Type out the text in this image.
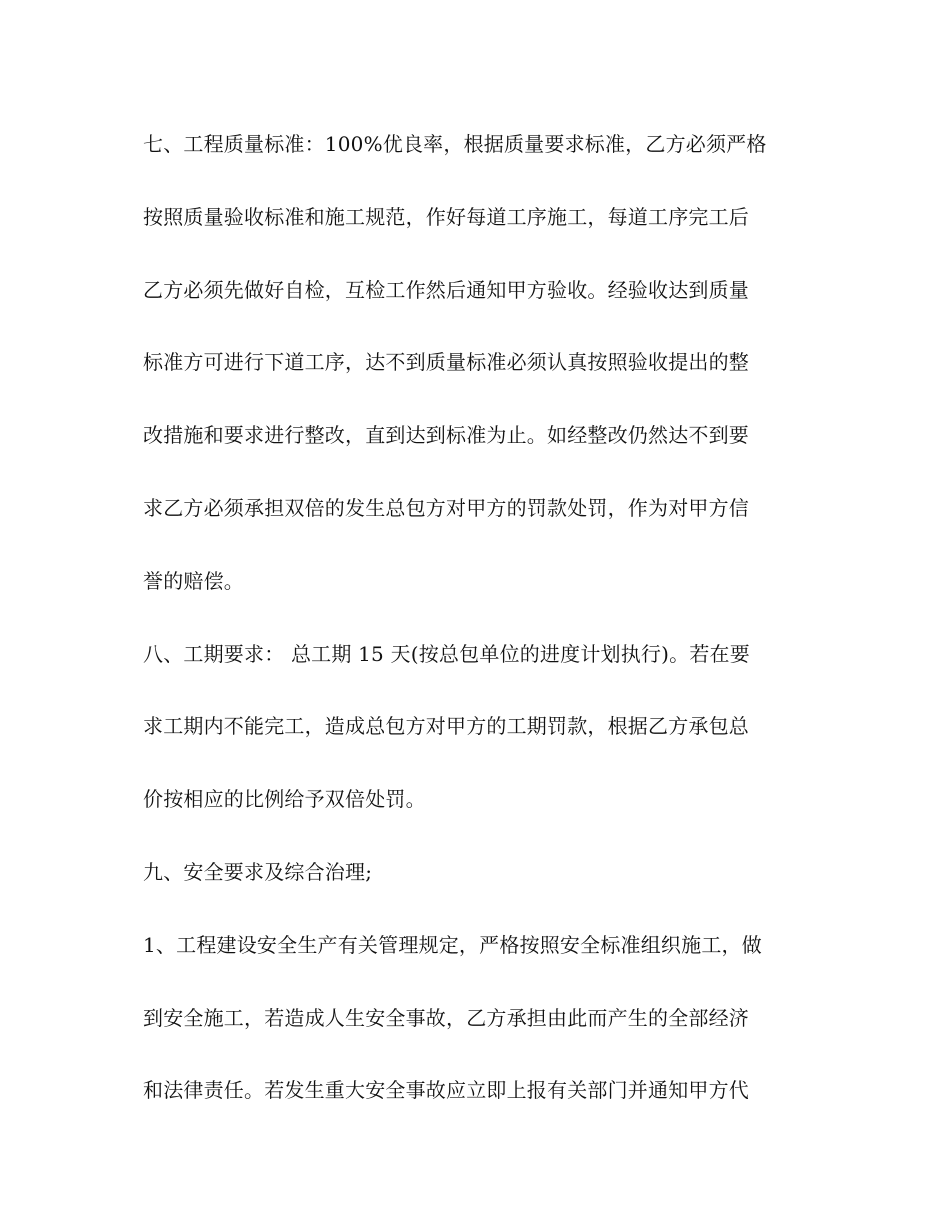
七、工程质量标准：100%优良率，根据质量要求标准，乙方必须严格
按照质量验收标准和施工规范，作好每道工序施工，每道工序完工后
乙方必须先做好自检，互检工作然后通知甲方验收。经验收达到质量
标准方可进行下道工序，达不到质量标准必须认真按照验收提出的整
改措施和要求进行整改，直到达到标准为止。如经整改仍然达不到要
求乙方必须承担双倍的发生总包方对甲方的罚款处罚，作为对甲方信
誉的赔偿。
八、工期要求： 总工期 15 天(按总包单位的进度计划执行)。若在要
求工期内不能完工，造成总包方对甲方的工期罚款，根据乙方承包总
价按相应的比例给予双倍处罚。
九、安全要求及综合治理;
1、工程建设安全生产有关管理规定，严格按照安全标准组织施工，做
到安全施工，若造成人生安全事故，乙方承担由此而产生的全部经济
和法律责任。若发生重大安全事故应立即上报有关部门并通知甲方代
